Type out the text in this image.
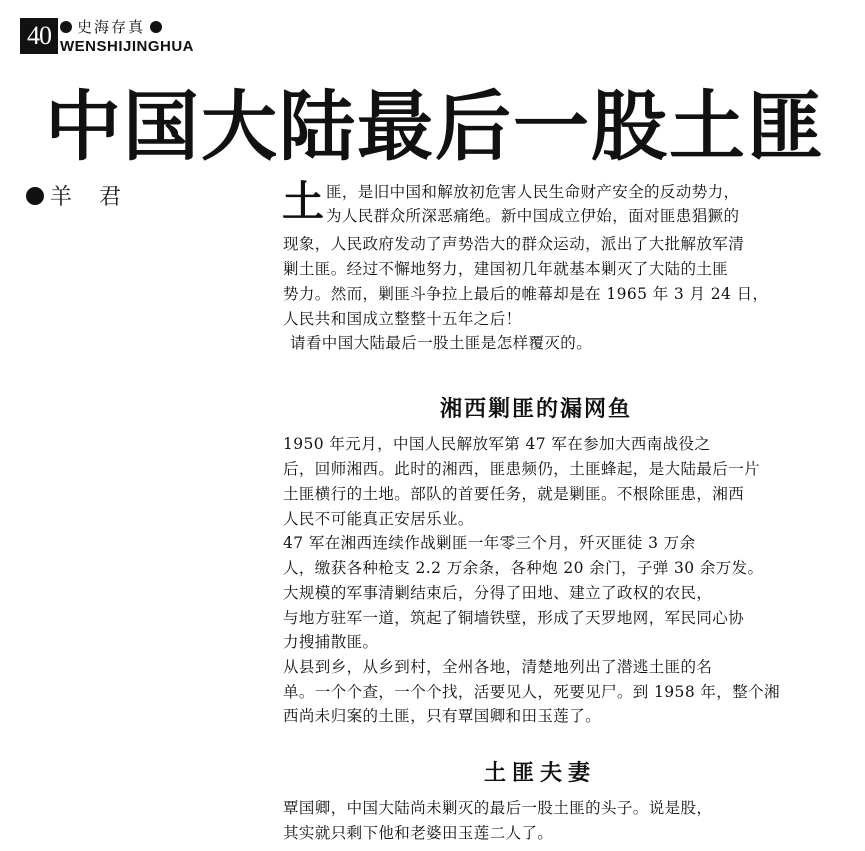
40	史海存真
WENSHIJINGHUA
中国大陆最后一股土匪
羊 君	土 匪，是旧中国和解放初危害人民生命财产安全的反动势力，
为人民群众所深恶痛绝。新中国成立伊始，面对匪患猖獗的
现象，人民政府发动了声势浩大的群众运动，派出了大批解放军清
剿土匪。经过不懈地努力，建国初几年就基本剿灭了大陆的土匪
势力。然而，剿匪斗争拉上最后的帷幕却是在 1965 年 3 月 24 日，
人民共和国成立整整十五年之后！
请看中国大陆最后一股土匪是怎样覆灭的。
湘西剿匪的漏网鱼
1950 年元月，中国人民解放军第 47 军在参加大西南战役之
后，回师湘西。此时的湘西，匪患频仍，土匪蜂起，是大陆最后一片
土匪横行的土地。部队的首要任务，就是剿匪。不根除匪患，湘西
人民不可能真正安居乐业。
47 军在湘西连续作战剿匪一年零三个月，歼灭匪徒 3 万余
人，缴获各种枪支 2.2 万余条，各种炮 20 余门，子弹 30 余万发。
大规模的军事清剿结束后，分得了田地、建立了政权的农民，
与地方驻军一道，筑起了铜墙铁壁，形成了天罗地网，军民同心协
力搜捕散匪。
从县到乡，从乡到村，全州各地，清楚地列出了潜逃土匪的名
单。一个个查，一个个找，活要见人，死要见尸。到 1958 年，整个湘
西尚未归案的土匪，只有覃国卿和田玉莲了。
土匪夫妻
覃国卿，中国大陆尚未剿灭的最后一股土匪的头子。说是股，
其实就只剩下他和老婆田玉莲二人了。
